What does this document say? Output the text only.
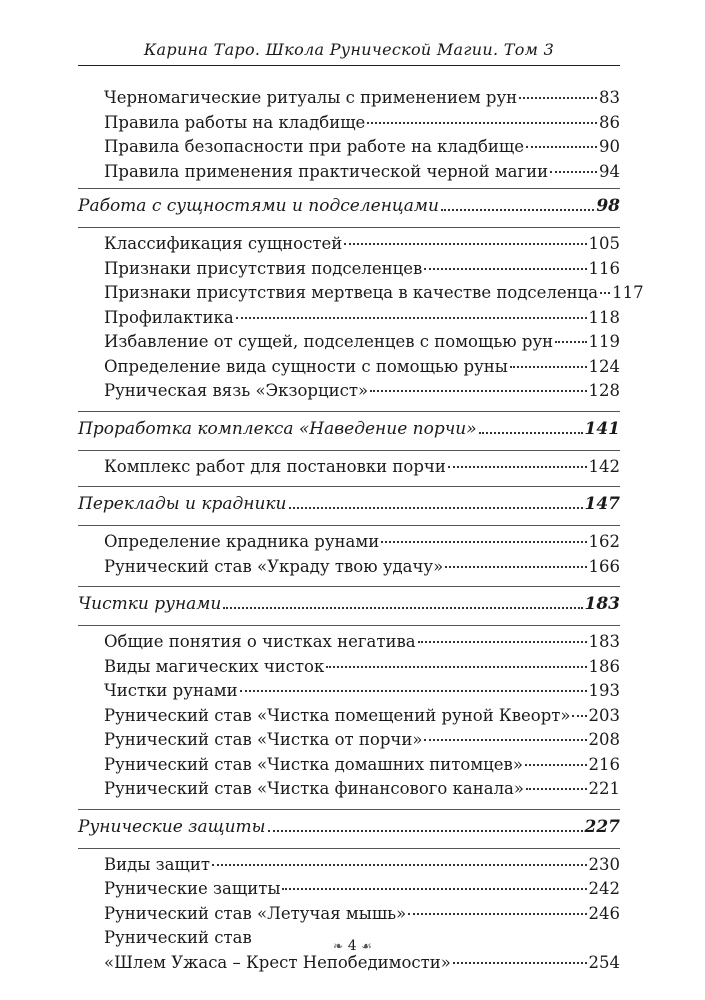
Карина Таро. Школа Рунической Магии. Том 3
Черномагические ритуалы с применением рун	83
Правила работы на кладбище	86
Правила безопасности при работе на кладбище	90
Правила применения практической черной магии	94
Работа с сущностями и подселенцами	98
Классификация сущностей	105
Признаки присутствия подселенцев	116
Признаки присутствия мертвеца в качестве подселенца 117
Профилактика	118
Избавление от сущей, подселенцев с помощью рун 119
Определение вида сущности с помощью руны	124
Руническая вязь «Экзорцист»	128
Проработка комплекса «Наведение порчи»	141
Комплекс работ для постановки порчи	142
Переклады и крадники	147
Определение крадника рунами	162
Рунический став «Украду твою удачу»	166
Чистки рунами	183
Общие понятия о чистках негатива	183
Виды магических чисток	186
Чистки рунами	193
Рунический став «Чистка помещений руной Квеорт» 203
Рунический став «Чистка от порчи»	208
Рунический став «Чистка домашних питомцев»	216
Рунический став «Чистка финансового канала»	221
Рунические защиты	227
Виды защит	230
Рунические защиты	242
Рунический став «Летучая мышь»	246
Рунический став
«Шлем Ужаса – Крест Непобедимости»	254
❧ 4 ☙
